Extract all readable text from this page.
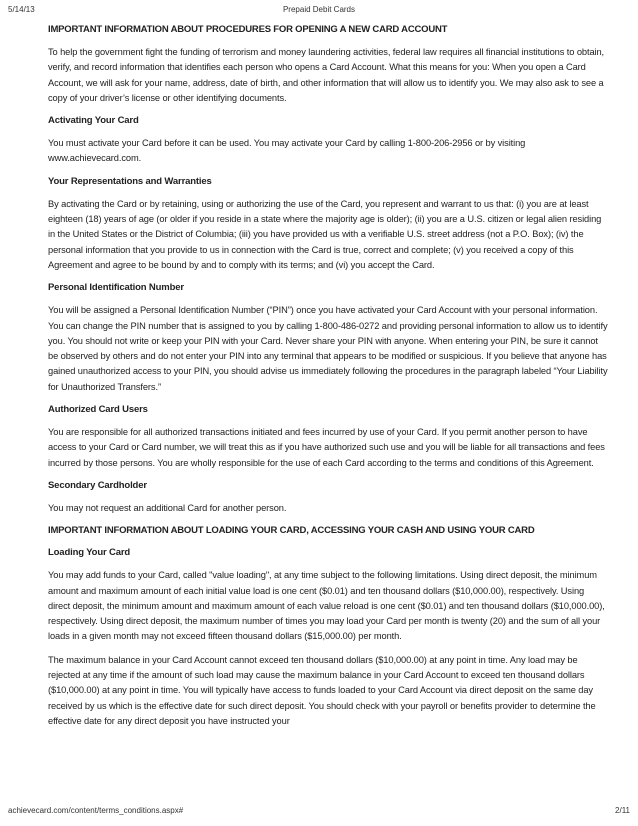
5/14/13	Prepaid Debit Cards
IMPORTANT INFORMATION ABOUT PROCEDURES FOR OPENING A NEW CARD ACCOUNT
To help the government fight the funding of terrorism and money laundering activities, federal law requires all financial institutions to obtain, verify, and record information that identifies each person who opens a Card Account. What this means for you: When you open a Card Account, we will ask for your name, address, date of birth, and other information that will allow us to identify you. We may also ask to see a copy of your driver’s license or other identifying documents.
Activating Your Card
You must activate your Card before it can be used. You may activate your Card by calling 1-800-206-2956 or by visiting www.achievecard.com.
Your Representations and Warranties
By activating the Card or by retaining, using or authorizing the use of the Card, you represent and warrant to us that: (i) you are at least eighteen (18) years of age (or older if you reside in a state where the majority age is older); (ii) you are a U.S. citizen or legal alien residing in the United States or the District of Columbia; (iii) you have provided us with a verifiable U.S. street address (not a P.O. Box); (iv) the personal information that you provide to us in connection with the Card is true, correct and complete; (v) you received a copy of this Agreement and agree to be bound by and to comply with its terms; and (vi) you accept the Card.
Personal Identification Number
You will be assigned a Personal Identification Number (“PIN”) once you have activated your Card Account with your personal information. You can change the PIN number that is assigned to you by calling 1-800-486-0272 and providing personal information to allow us to identify you. You should not write or keep your PIN with your Card. Never share your PIN with anyone. When entering your PIN, be sure it cannot be observed by others and do not enter your PIN into any terminal that appears to be modified or suspicious. If you believe that anyone has gained unauthorized access to your PIN, you should advise us immediately following the procedures in the paragraph labeled “Your Liability for Unauthorized Transfers.”
Authorized Card Users
You are responsible for all authorized transactions initiated and fees incurred by use of your Card. If you permit another person to have access to your Card or Card number, we will treat this as if you have authorized such use and you will be liable for all transactions and fees incurred by those persons. You are wholly responsible for the use of each Card according to the terms and conditions of this Agreement.
Secondary Cardholder
You may not request an additional Card for another person.
IMPORTANT INFORMATION ABOUT LOADING YOUR CARD, ACCESSING YOUR CASH AND USING YOUR CARD
Loading Your Card
You may add funds to your Card, called "value loading", at any time subject to the following limitations. Using direct deposit, the minimum amount and maximum amount of each initial value load is one cent ($0.01) and ten thousand dollars ($10,000.00), respectively. Using direct deposit, the minimum amount and maximum amount of each value reload is one cent ($0.01) and ten thousand dollars ($10,000.00), respectively. Using direct deposit, the maximum number of times you may load your Card per month is twenty (20) and the sum of all your loads in a given month may not exceed fifteen thousand dollars ($15,000.00) per month.
The maximum balance in your Card Account cannot exceed ten thousand dollars ($10,000.00) at any point in time. Any load may be rejected at any time if the amount of such load may cause the maximum balance in your Card Account to exceed ten thousand dollars ($10,000.00) at any point in time. You will typically have access to funds loaded to your Card Account via direct deposit on the same day received by us which is the effective date for such direct deposit. You should check with your payroll or benefits provider to determine the effective date for any direct deposit you have instructed your
achievecard.com/content/terms_conditions.aspx#	2/11
